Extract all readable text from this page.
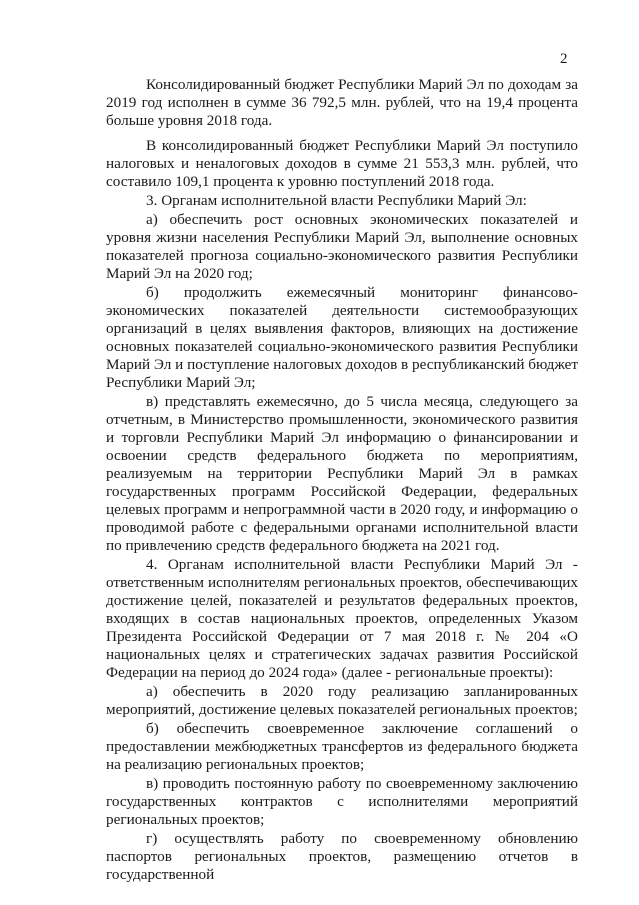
2

Консолидированный бюджет Республики Марий Эл по доходам за 2019 год исполнен в сумме 36 792,5 млн. рублей, что на 19,4 процента больше уровня 2018 года.

В консолидированный бюджет Республики Марий Эл поступило налоговых и неналоговых доходов в сумме 21 553,3 млн. рублей, что составило 109,1 процента к уровню поступлений 2018 года.

3. Органам исполнительной власти Республики Марий Эл:

а) обеспечить рост основных экономических показателей и уровня жизни населения Республики Марий Эл, выполнение основных показателей прогноза социально-экономического развития Республики Марий Эл на 2020 год;

б) продолжить ежемесячный мониторинг финансово-экономических показателей деятельности системообразующих организаций в целях выявления факторов, влияющих на достижение основных показателей социально-экономического развития Республики Марий Эл и поступление налоговых доходов в республиканский бюджет Республики Марий Эл;

в) представлять ежемесячно, до 5 числа месяца, следующего за отчетным, в Министерство промышленности, экономического развития и торговли Республики Марий Эл информацию о финансировании и освоении средств федерального бюджета по мероприятиям, реализуемым на территории Республики Марий Эл в рамках государственных программ Российской Федерации, федеральных целевых программ и непрограммной части в 2020 году, и информацию о проводимой работе с федеральными органами исполнительной власти по привлечению средств федерального бюджета на 2021 год.

4. Органам исполнительной власти Республики Марий Эл - ответственным исполнителям региональных проектов, обеспечивающих достижение целей, показателей и результатов федеральных проектов, входящих в состав национальных проектов, определенных Указом Президента Российской Федерации от 7 мая 2018 г. № 204 «О национальных целях и стратегических задачах развития Российской Федерации на период до 2024 года» (далее - региональные проекты):

а) обеспечить в 2020 году реализацию запланированных мероприятий, достижение целевых показателей региональных проектов;

б) обеспечить своевременное заключение соглашений о предоставлении межбюджетных трансфертов из федерального бюджета на реализацию региональных проектов;

в) проводить постоянную работу по своевременному заключению государственных контрактов с исполнителями мероприятий региональных проектов;

г) осуществлять работу по своевременному обновлению паспортов региональных проектов, размещению отчетов в государственной
